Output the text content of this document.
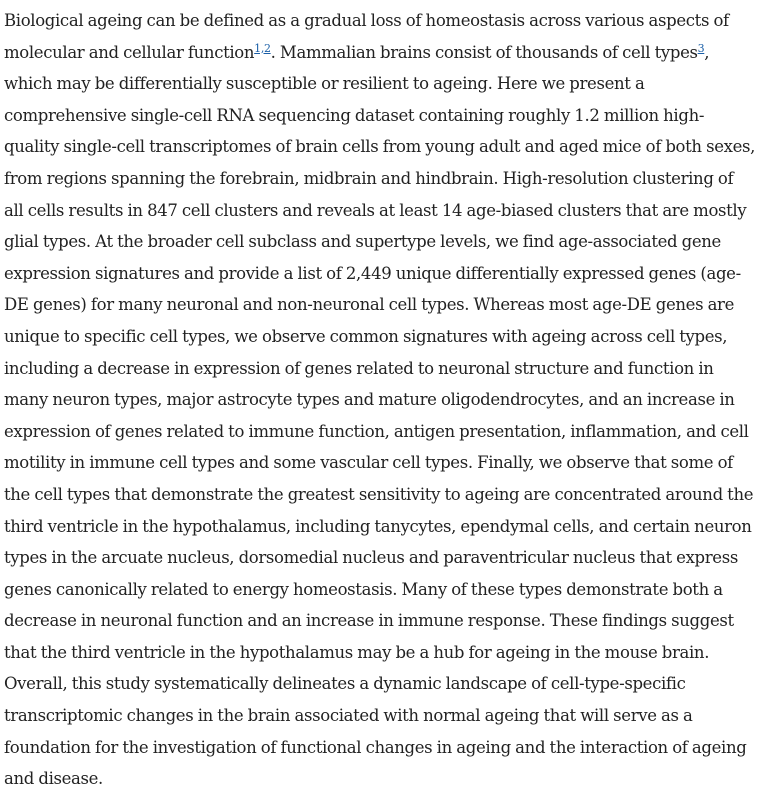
Biological ageing can be defined as a gradual loss of homeostasis across various aspects of molecular and cellular function$^{1,2}$. Mammalian brains consist of thousands of cell types$^3$, which may be differentially susceptible or resilient to ageing. Here we present a comprehensive single-cell RNA sequencing dataset containing roughly 1.2 million high-quality single-cell transcriptomes of brain cells from young adult and aged mice of both sexes, from regions spanning the forebrain, midbrain and hindbrain. High-resolution clustering of all cells results in 847 cell clusters and reveals at least 14 age-biased clusters that are mostly glial types. At the broader cell subclass and supertype levels, we find age-associated gene expression signatures and provide a list of 2,449 unique differentially expressed genes (age-DE genes) for many neuronal and non-neuronal cell types. Whereas most age-DE genes are unique to specific cell types, we observe common signatures with ageing across cell types, including a decrease in expression of genes related to neuronal structure and function in many neuron types, major astrocyte types and mature oligodendrocytes, and an increase in expression of genes related to immune function, antigen presentation, inflammation, and cell motility in immune cell types and some vascular cell types. Finally, we observe that some of the cell types that demonstrate the greatest sensitivity to ageing are concentrated around the third ventricle in the hypothalamus, including tanycytes, ependymal cells, and certain neuron types in the arcuate nucleus, dorsomedial nucleus and paraventricular nucleus that express genes canonically related to energy homeostasis. Many of these types demonstrate both a decrease in neuronal function and an increase in immune response. These findings suggest that the third ventricle in the hypothalamus may be a hub for ageing in the mouse brain. Overall, this study systematically delineates a dynamic landscape of cell-type-specific transcriptomic changes in the brain associated with normal ageing that will serve as a foundation for the investigation of functional changes in ageing and the interaction of ageing and disease.
